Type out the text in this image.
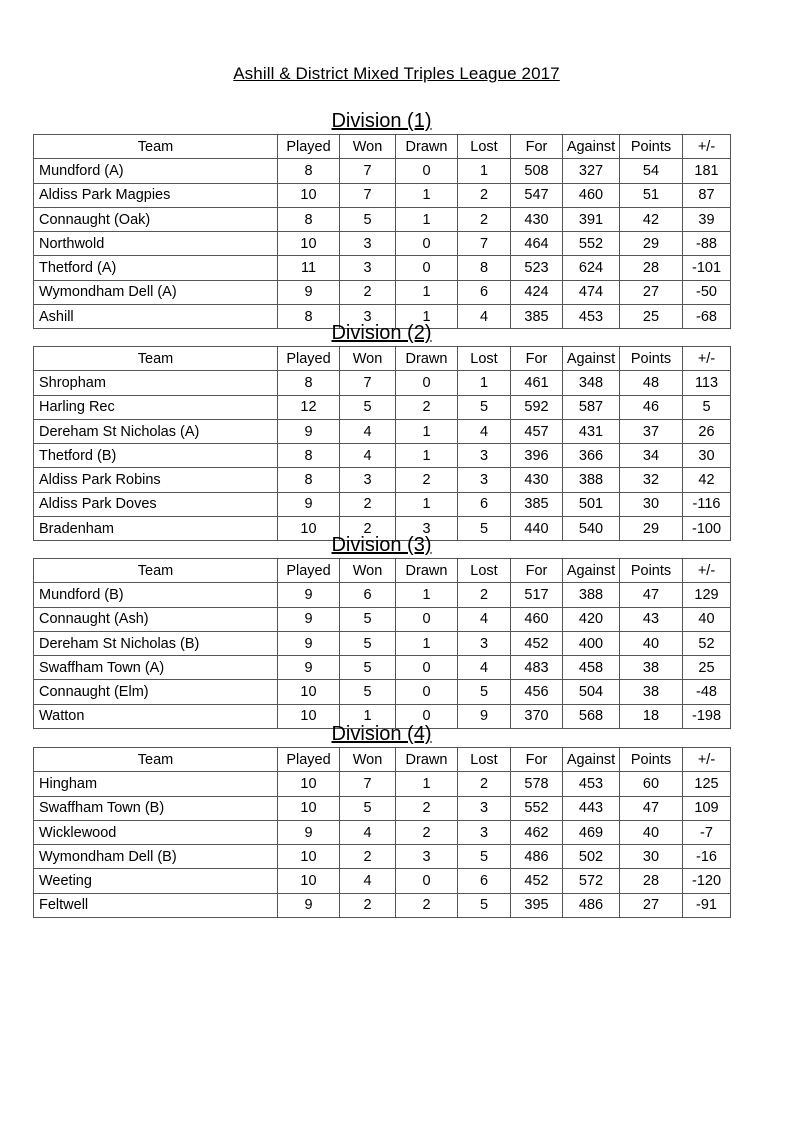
Ashill & District Mixed Triples League 2017
Division (1)
Team	Played	Won	Drawn	Lost	For	Against	Points	+/-
Mundford (A)	8	7	0	1	508	327	54	181
Aldiss Park Magpies	10	7	1	2	547	460	51	87
Connaught (Oak)	8	5	1	2	430	391	42	39
Northwold	10	3	0	7	464	552	29	-88
Thetford (A)	11	3	0	8	523	624	28	-101
Wymondham Dell (A)	9	2	1	6	424	474	27	-50
Ashill	8	3	1	4	385	453	25	-68
Division (2)
Team	Played	Won	Drawn	Lost	For	Against	Points	+/-
Shropham	8	7	0	1	461	348	48	113
Harling Rec	12	5	2	5	592	587	46	5
Dereham St Nicholas (A)	9	4	1	4	457	431	37	26
Thetford (B)	8	4	1	3	396	366	34	30
Aldiss Park Robins	8	3	2	3	430	388	32	42
Aldiss Park Doves	9	2	1	6	385	501	30	-116
Bradenham	10	2	3	5	440	540	29	-100
Division (3)
Team	Played	Won	Drawn	Lost	For	Against	Points	+/-
Mundford (B)	9	6	1	2	517	388	47	129
Connaught (Ash)	9	5	0	4	460	420	43	40
Dereham St Nicholas (B)	9	5	1	3	452	400	40	52
Swaffham Town (A)	9	5	0	4	483	458	38	25
Connaught (Elm)	10	5	0	5	456	504	38	-48
Watton	10	1	0	9	370	568	18	-198
Division (4)
Team	Played	Won	Drawn	Lost	For	Against	Points	+/-
Hingham	10	7	1	2	578	453	60	125
Swaffham Town (B)	10	5	2	3	552	443	47	109
Wicklewood	9	4	2	3	462	469	40	-7
Wymondham Dell (B)	10	2	3	5	486	502	30	-16
Weeting	10	4	0	6	452	572	28	-120
Feltwell	9	2	2	5	395	486	27	-91
